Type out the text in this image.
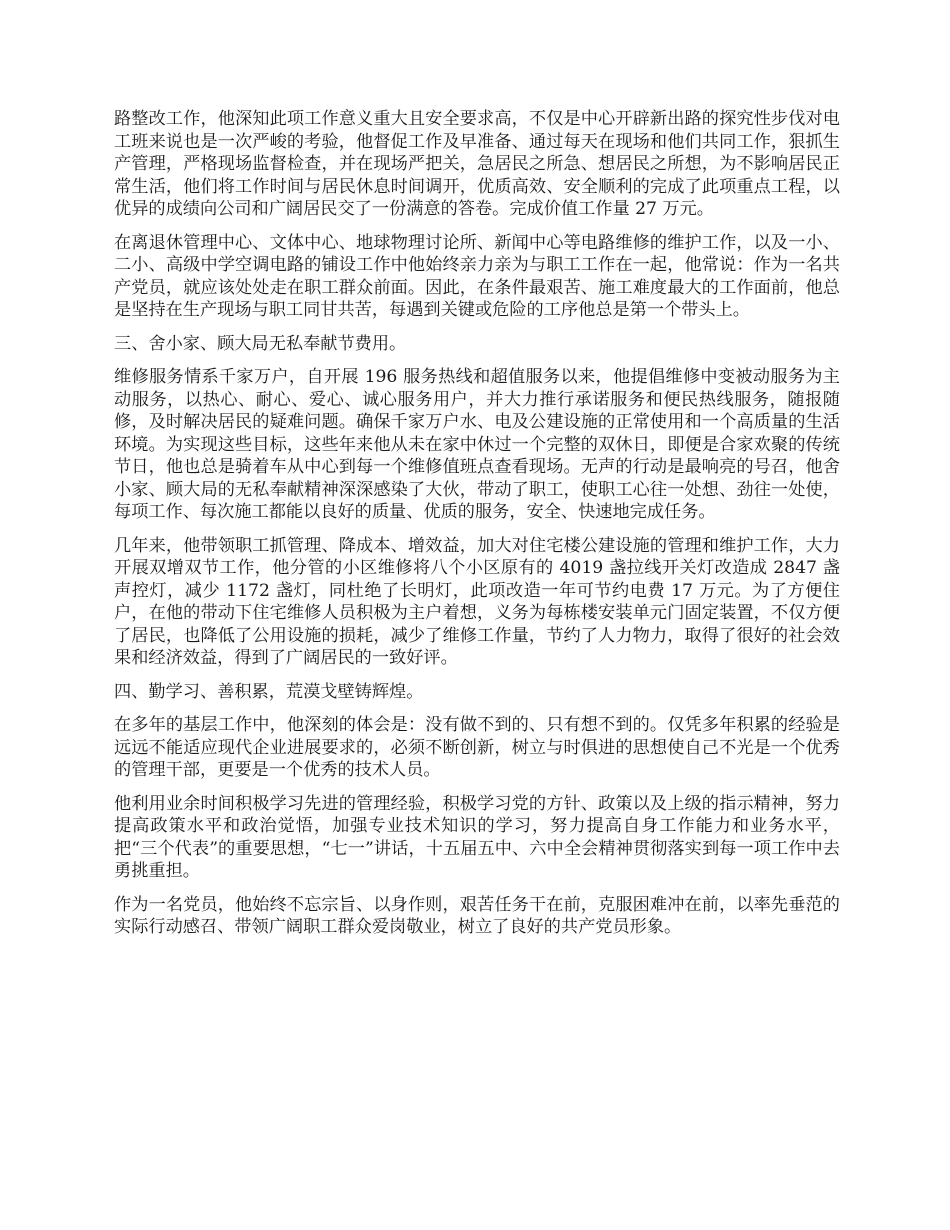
路整改工作，他深知此项工作意义重大且安全要求高，不仅是中心开辟新出路的探究性步伐对电工班来说也是一次严峻的考验，他督促工作及早准备、通过每天在现场和他们共同工作，狠抓生产管理，严格现场监督检查，并在现场严把关，急居民之所急、想居民之所想，为不影响居民正常生活，他们将工作时间与居民休息时间调开，优质高效、安全顺利的完成了此项重点工程，以优异的成绩向公司和广阔居民交了一份满意的答卷。完成价值工作量 27 万元。

在离退休管理中心、文体中心、地球物理讨论所、新闻中心等电路维修的维护工作，以及一小、二小、高级中学空调电路的铺设工作中他始终亲力亲为与职工工作在一起，他常说：作为一名共产党员，就应该处处走在职工群众前面。因此，在条件最艰苦、施工难度最大的工作面前，他总是坚持在生产现场与职工同甘共苦，每遇到关键或危险的工序他总是第一个带头上。

三、舍小家、顾大局无私奉献节费用。

维修服务情系千家万户，自开展 196 服务热线和超值服务以来，他提倡维修中变被动服务为主动服务，以热心、耐心、爱心、诚心服务用户，并大力推行承诺服务和便民热线服务，随报随修，及时解决居民的疑难问题。确保千家万户水、电及公建设施的正常使用和一个高质量的生活环境。为实现这些目标，这些年来他从未在家中休过一个完整的双休日，即便是合家欢聚的传统节日，他也总是骑着车从中心到每一个维修值班点查看现场。无声的行动是最响亮的号召，他舍小家、顾大局的无私奉献精神深深感染了大伙，带动了职工，使职工心往一处想、劲往一处使，每项工作、每次施工都能以良好的质量、优质的服务，安全、快速地完成任务。

几年来，他带领职工抓管理、降成本、增效益，加大对住宅楼公建设施的管理和维护工作，大力开展双增双节工作，他分管的小区维修将八个小区原有的 4019 盏拉线开关灯改造成 2847 盏声控灯，减少 1172 盏灯，同杜绝了长明灯，此项改造一年可节约电费 17 万元。为了方便住户，在他的带动下住宅维修人员积极为主户着想，义务为每栋楼安装单元门固定装置，不仅方便了居民，也降低了公用设施的损耗，减少了维修工作量，节约了人力物力，取得了很好的社会效果和经济效益，得到了广阔居民的一致好评。

四、勤学习、善积累，荒漠戈壁铸辉煌。

在多年的基层工作中，他深刻的体会是：没有做不到的、只有想不到的。仅凭多年积累的经验是远远不能适应现代企业进展要求的，必须不断创新，树立与时俱进的思想使自己不光是一个优秀的管理干部，更要是一个优秀的技术人员。

他利用业余时间积极学习先进的管理经验，积极学习党的方针、政策以及上级的指示精神，努力提高政策水平和政治觉悟，加强专业技术知识的学习，努力提高自身工作能力和业务水平，把“三个代表”的重要思想，“七一”讲话，十五届五中、六中全会精神贯彻落实到每一项工作中去勇挑重担。

作为一名党员，他始终不忘宗旨、以身作则，艰苦任务干在前，克服困难冲在前，以率先垂范的实际行动感召、带领广阔职工群众爱岗敬业，树立了良好的共产党员形象。
